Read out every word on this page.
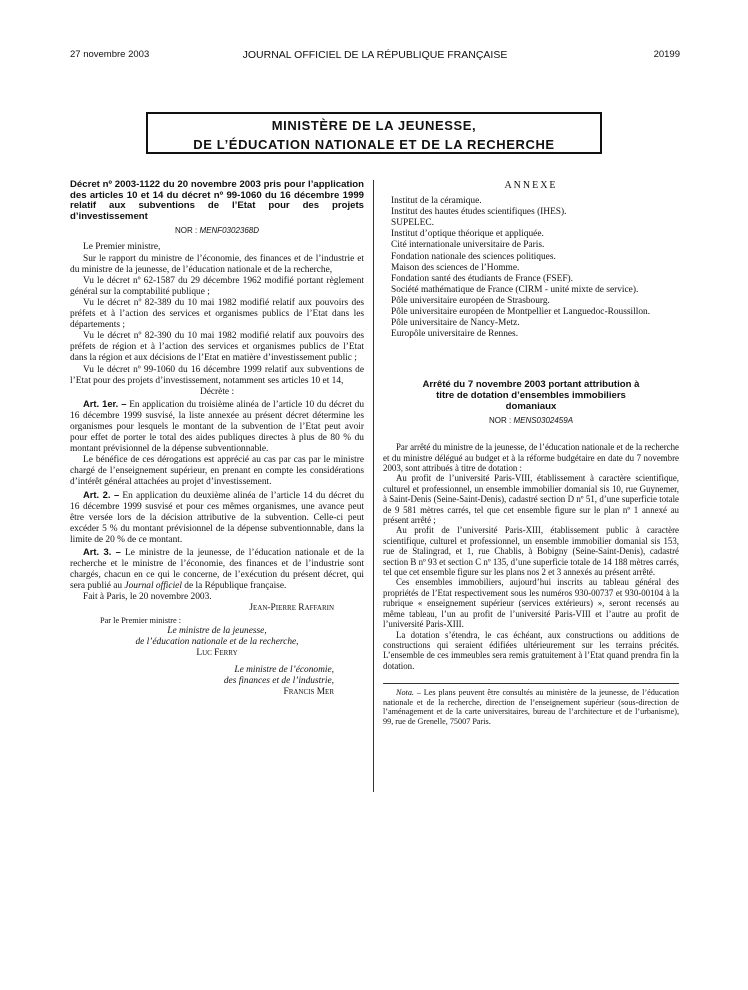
27 novembre 2003	JOURNAL OFFICIEL DE LA RÉPUBLIQUE FRANÇAISE	20199
MINISTÈRE DE LA JEUNESSE,
DE L’ÉDUCATION NATIONALE ET DE LA RECHERCHE
Décret nº 2003-1122 du 20 novembre 2003 pris pour l’application des articles 10 et 14 du décret nº 99-1060 du 16 décembre 1999 relatif aux subventions de l’Etat pour des projets d’investissement
NOR : MENF0302368D

Le Premier ministre,

Sur le rapport du ministre de l’économie, des finances et de l’industrie et du ministre de la jeunesse, de l’éducation nationale et de la recherche,

Vu le décret nº 62-1587 du 29 décembre 1962 modifié portant règlement général sur la comptabilité publique ;

Vu le décret nº 82-389 du 10 mai 1982 modifié relatif aux pouvoirs des préfets et à l’action des services et organismes publics de l’Etat dans les départements ;

Vu le décret nº 82-390 du 10 mai 1982 modifié relatif aux pouvoirs des préfets de région et à l’action des services et organismes publics de l’Etat dans la région et aux décisions de l’Etat en matière d’investissement public ;

Vu le décret nº 99-1060 du 16 décembre 1999 relatif aux subventions de l’Etat pour des projets d’investissement, notamment ses articles 10 et 14,

Décrète :

Art. 1er. – En application du troisième alinéa de l’article 10 du décret du 16 décembre 1999 susvisé, la liste annexée au présent décret détermine les organismes pour lesquels le montant de la subvention de l’Etat peut avoir pour effet de porter le total des aides publiques directes à plus de 80 % du montant prévisionnel de la dépense subventionnable.

Le bénéfice de ces dérogations est apprécié au cas par cas par le ministre chargé de l’enseignement supérieur, en prenant en compte les considérations d’intérêt général attachées au projet d’investissement.

Art. 2. – En application du deuxième alinéa de l’article 14 du décret du 16 décembre 1999 susvisé et pour ces mêmes organismes, une avance peut être versée lors de la décision attributive de la subvention. Celle-ci peut excéder 5 % du montant prévisionnel de la dépense subventionnable, dans la limite de 20 % de ce montant.

Art. 3. – Le ministre de la jeunesse, de l’éducation nationale et de la recherche et le ministre de l’économie, des finances et de l’industrie sont chargés, chacun en ce qui le concerne, de l’exécution du présent décret, qui sera publié au Journal officiel de la République française.

Fait à Paris, le 20 novembre 2003.

Jean-Pierre Raffarin

Par le Premier ministre :

Le ministre de la jeunesse,

de l’éducation nationale et de la recherche,

Luc Ferry

Le ministre de l’économie,

des finances et de l’industrie,

Francis Mer

ANNEXE

Institut de la céramique.

Institut des hautes études scientifiques (IHES).

SUPELEC.

Institut d’optique théorique et appliquée.

Cité internationale universitaire de Paris.

Fondation nationale des sciences politiques.

Maison des sciences de l’Homme.

Fondation santé des étudiants de France (FSEF).

Société mathématique de France (CIRM - unité mixte de service).

Pôle universitaire européen de Strasbourg.

Pôle universitaire européen de Montpellier et Languedoc-Roussillon.

Pôle universitaire de Nancy-Metz.

Europôle universitaire de Rennes.

Arrêté du 7 novembre 2003 portant attribution à titre de dotation d’ensembles immobiliers domaniaux
NOR : MENS0302459A

Par arrêté du ministre de la jeunesse, de l’éducation nationale et de la recherche et du ministre délégué au budget et à la réforme budgétaire en date du 7 novembre 2003, sont attribués à titre de dotation :

Au profit de l’université Paris-VIII, établissement à caractère scientifique, culturel et professionnel, un ensemble immobilier domanial sis 10, rue Guynemer, à Saint-Denis (Seine-Saint-Denis), cadastré section D nº 51, d’une superficie totale de 9 581 mètres carrés, tel que cet ensemble figure sur le plan nº 1 annexé au présent arrêté ;

Au profit de l’université Paris-XIII, établissement public à caractère scientifique, culturel et professionnel, un ensemble immobilier domanial sis 153, rue de Stalingrad, et 1, rue Chablis, à Bobigny (Seine-Saint-Denis), cadastré section B nº 93 et section C nº 135, d’une superficie totale de 14 188 mètres carrés, tel que cet ensemble figure sur les plans nos 2 et 3 annexés au présent arrêté.

Ces ensembles immobiliers, aujourd’hui inscrits au tableau général des propriétés de l’Etat respectivement sous les numéros 930-00737 et 930-00104 à la rubrique « enseignement supérieur (services extérieurs) », seront recensés au même tableau, l’un au profit de l’université Paris-VIII et l’autre au profit de l’université Paris-XIII.

La dotation s’étendra, le cas échéant, aux constructions ou additions de constructions qui seraient édifiées ultérieurement sur les terrains précités. L’ensemble de ces immeubles sera remis gratuitement à l’Etat quand prendra fin la dotation.

Nota. – Les plans peuvent être consultés au ministère de la jeunesse, de l’éducation nationale et de la recherche, direction de l’enseignement supérieur (sous-direction de l’aménagement et de la carte universitaires, bureau de l’architecture et de l’urbanisme), 99, rue de Grenelle, 75007 Paris.
